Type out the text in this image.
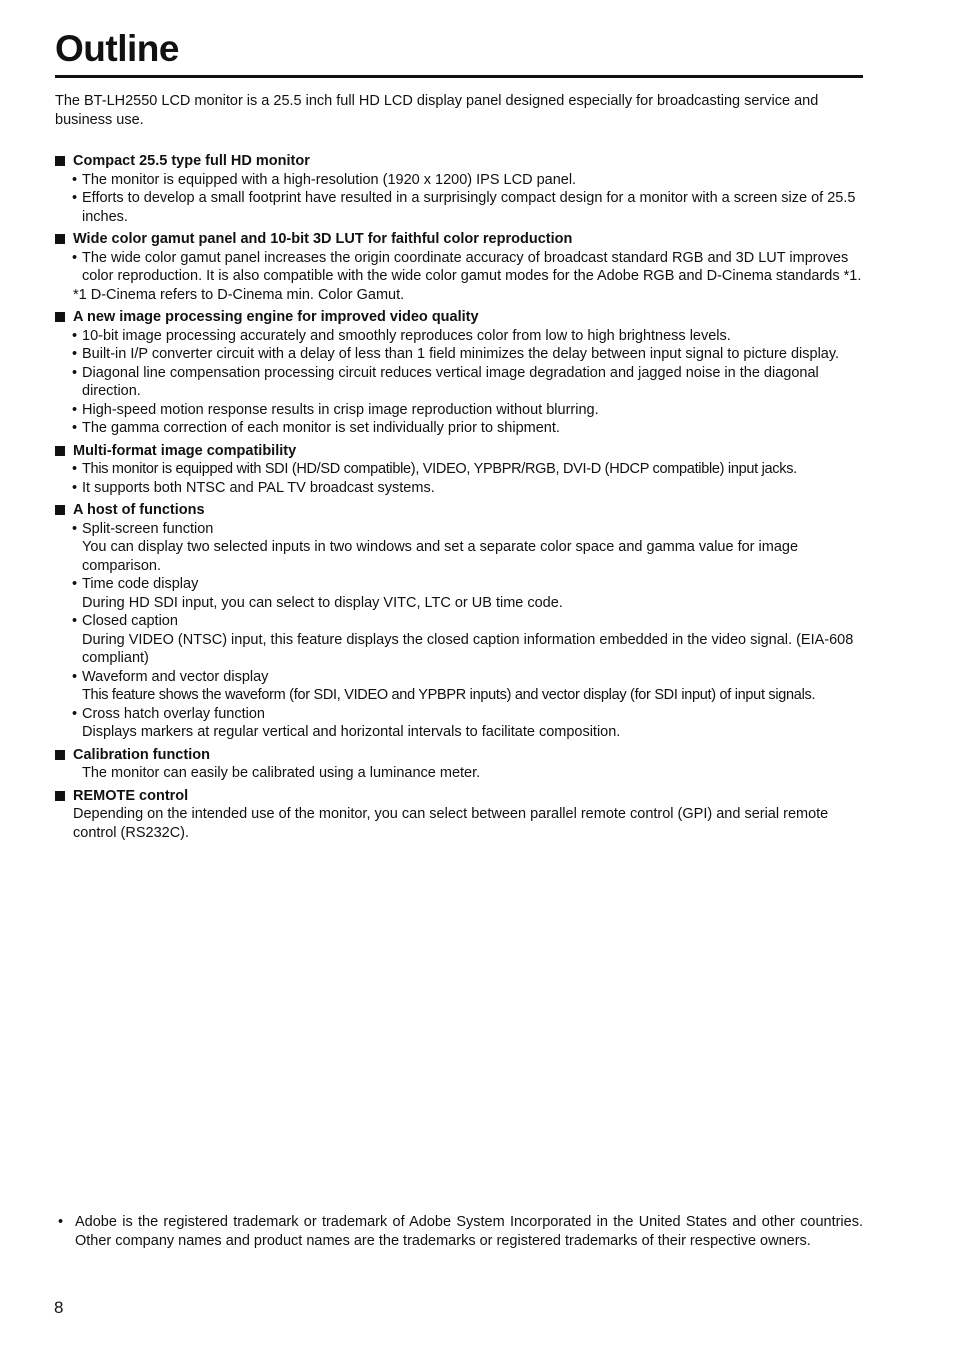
Outline

The BT-LH2550 LCD monitor is a 25.5 inch full HD LCD display panel designed especially for broadcasting service and business use.

Compact 25.5 type full HD monitor
• The monitor is equipped with a high-resolution (1920 x 1200) IPS LCD panel.
• Efforts to develop a small footprint have resulted in a surprisingly compact design for a monitor with a screen size of 25.5 inches.
Wide color gamut panel and 10-bit 3D LUT for faithful color reproduction
• The wide color gamut panel increases the origin coordinate accuracy of broadcast standard RGB and 3D LUT improves color reproduction. It is also compatible with the wide color gamut modes for the Adobe RGB and D-Cinema standards *1.
*1 D-Cinema refers to D-Cinema min. Color Gamut.
A new image processing engine for improved video quality
• 10-bit image processing accurately and smoothly reproduces color from low to high brightness levels.
• Built-in I/P converter circuit with a delay of less than 1 field minimizes the delay between input signal to picture display.
• Diagonal line compensation processing circuit reduces vertical image degradation and jagged noise in the diagonal direction.
• High-speed motion response results in crisp image reproduction without blurring.
• The gamma correction of each monitor is set individually prior to shipment.
Multi-format image compatibility
• This monitor is equipped with SDI (HD/SD compatible), VIDEO, YPBPR/RGB, DVI-D (HDCP compatible) input jacks.
• It supports both NTSC and PAL TV broadcast systems.
A host of functions
• Split-screen function
You can display two selected inputs in two windows and set a separate color space and gamma value for image comparison.
• Time code display
During HD SDI input, you can select to display VITC, LTC or UB time code.
• Closed caption
During VIDEO (NTSC) input, this feature displays the closed caption information embedded in the video signal. (EIA-608 compliant)
• Waveform and vector display
This feature shows the waveform (for SDI, VIDEO and YPBPR inputs) and vector display (for SDI input) of input signals.
• Cross hatch overlay function
Displays markers at regular vertical and horizontal intervals to facilitate composition.
Calibration function
The monitor can easily be calibrated using a luminance meter.
REMOTE control
Depending on the intended use of the monitor, you can select between parallel remote control (GPI) and serial remote control (RS232C).
• Adobe is the registered trademark or trademark of Adobe System Incorporated in the United States and other countries. Other company names and product names are the trademarks or registered trademarks of their respective owners.
8
